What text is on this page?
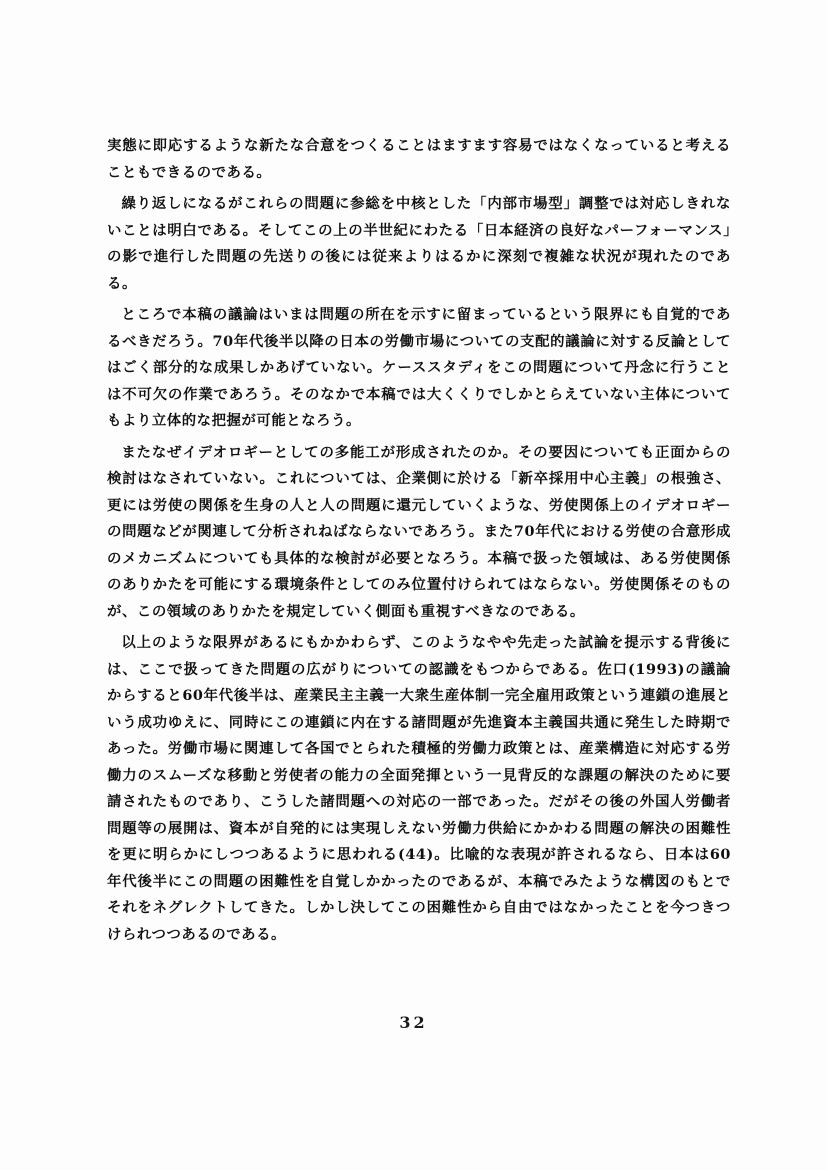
実態に即応するような新たな合意をつくることはますます容易ではなくなっていると考えることもできるのである。

繰り返しになるがこれらの問題に参総を中核とした「内部市場型」調整では対応しきれないことは明白である。そしてこの上の半世紀にわたる「日本経済の良好なパーフォーマンス」の影で進行した問題の先送りの後には従来よりはるかに深刻で複雑な状況が現れたのである。

ところで本稿の議論はいまは問題の所在を示すに留まっているという限界にも自覚的であるべきだろう。70年代後半以降の日本の労働市場についての支配的議論に対する反論としてはごく部分的な成果しかあげていない。ケーススタディをこの問題について丹念に行うことは不可欠の作業であろう。そのなかで本稿では大くくりでしかとらえていない主体についてもより立体的な把握が可能となろう。

またなぜイデオロギーとしての多能工が形成されたのか。その要因についても正面からの検討はなされていない。これについては、企業側に於ける「新卒採用中心主義」の根強さ、更には労使の関係を生身の人と人の問題に還元していくような、労使関係上のイデオロギーの問題などが関連して分析されねばならないであろう。また70年代における労使の合意形成のメカニズムについても具体的な検討が必要となろう。本稿で扱った領域は、ある労使関係のありかたを可能にする環境条件としてのみ位置付けられてはならない。労使関係そのものが、この領域のありかたを規定していく側面も重視すべきなのである。

以上のような限界があるにもかかわらず、このようなやや先走った試論を提示する背後には、ここで扱ってきた問題の広がりについての認識をもつからである。佐口(1993)の議論からすると60年代後半は、産業民主主義一大衆生産体制一完全雇用政策という連鎖の進展という成功ゆえに、同時にこの連鎖に内在する諸問題が先進資本主義国共通に発生した時期であった。労働市場に関連して各国でとられた積極的労働力政策とは、産業構造に対応する労働力のスムーズな移動と労使者の能力の全面発揮という一見背反的な課題の解決のために要請されたものであり、こうした諸問題への対応の一部であった。だがその後の外国人労働者問題等の展開は、資本が自発的には実現しえない労働力供給にかかわる問題の解決の困難性を更に明らかにしつつあるように思われる(44)。比喩的な表現が許されるなら、日本は60年代後半にこの問題の困難性を自覚しかかったのであるが、本稿でみたような構図のもとでそれをネグレクトしてきた。しかし決してこの困難性から自由ではなかったことを今つきつけられつつあるのである。

32
